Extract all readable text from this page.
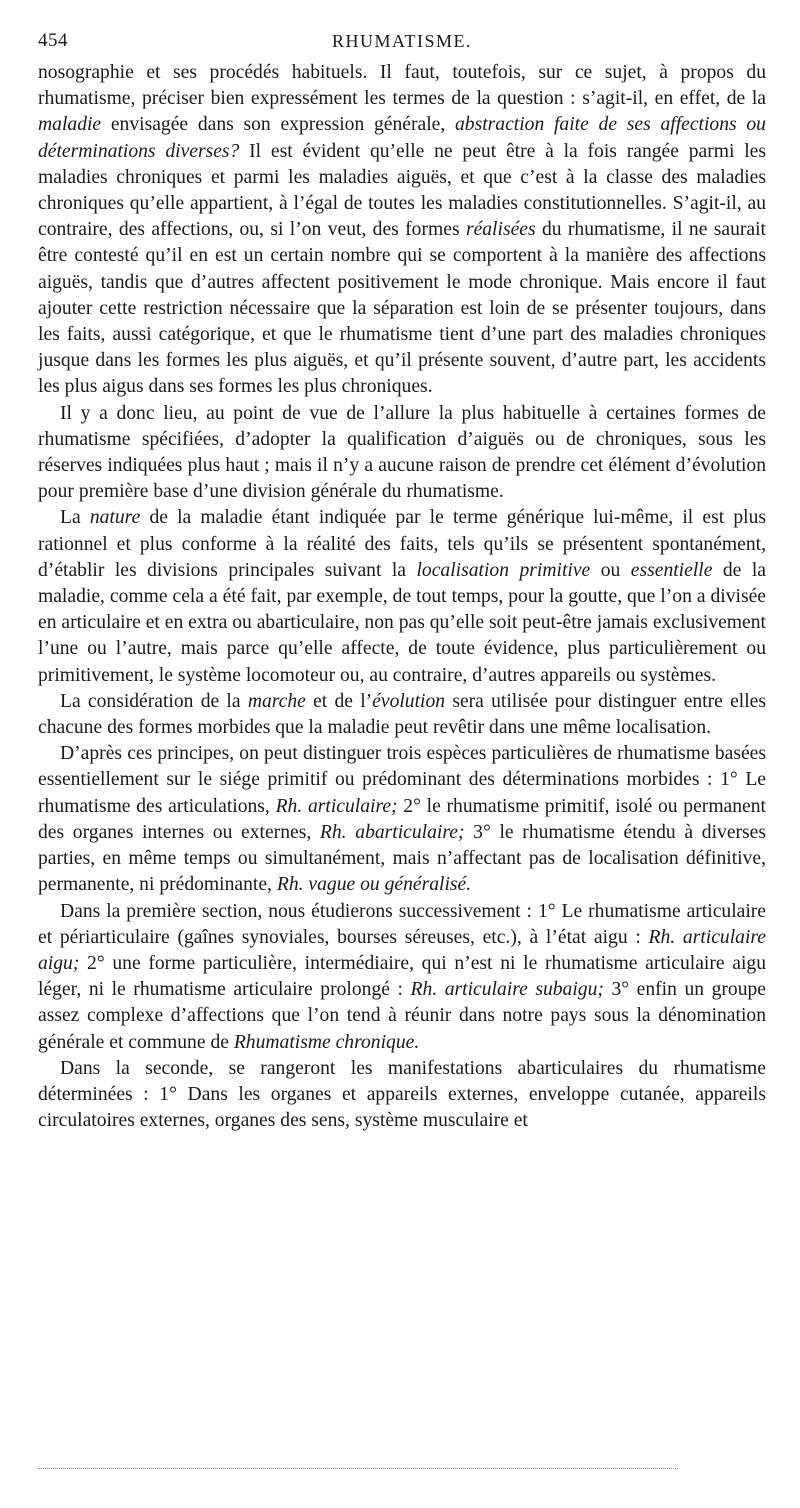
454	RHUMATISME.

nosographie et ses procédés habituels. Il faut, toutefois, sur ce sujet, à propos du rhumatisme, préciser bien expressément les termes de la question : s’agit-il, en effet, de la maladie envisagée dans son expression générale, abstraction faite de ses affections ou déterminations diverses? Il est évident qu’elle ne peut être à la fois rangée parmi les maladies chroniques et parmi les maladies aiguës, et que c’est à la classe des maladies chroniques qu’elle appartient, à l’égal de toutes les maladies constitutionnelles. S’agit-il, au contraire, des affections, ou, si l’on veut, des formes réalisées du rhumatisme, il ne saurait être contesté qu’il en est un certain nombre qui se comportent à la manière des affections aiguës, tandis que d’autres affectent positivement le mode chronique. Mais encore il faut ajouter cette restriction nécessaire que la séparation est loin de se présenter toujours, dans les faits, aussi catégorique, et que le rhumatisme tient d’une part des maladies chroniques jusque dans les formes les plus aiguës, et qu’il présente souvent, d’autre part, les accidents les plus aigus dans ses formes les plus chroniques.

Il y a donc lieu, au point de vue de l’allure la plus habituelle à certaines formes de rhumatisme spécifiées, d’adopter la qualification d’aiguës ou de chroniques, sous les réserves indiquées plus haut ; mais il n’y a aucune raison de prendre cet élément d’évolution pour première base d’une division générale du rhumatisme.

La nature de la maladie étant indiquée par le terme générique lui-même, il est plus rationnel et plus conforme à la réalité des faits, tels qu’ils se présentent spontanément, d’établir les divisions principales suivant la localisation primitive ou essentielle de la maladie, comme cela a été fait, par exemple, de tout temps, pour la goutte, que l’on a divisée en articulaire et en extra ou abarticulaire, non pas qu’elle soit peut-être jamais exclusivement l’une ou l’autre, mais parce qu’elle affecte, de toute évidence, plus particulièrement ou primitivement, le système locomoteur ou, au contraire, d’autres appareils ou systèmes.

La considération de la marche et de l’évolution sera utilisée pour distinguer entre elles chacune des formes morbides que la maladie peut revêtir dans une même localisation.

D’après ces principes, on peut distinguer trois espèces particulières de rhumatisme basées essentiellement sur le siége primitif ou prédominant des déterminations morbides : 1° Le rhumatisme des articulations, Rh. articulaire; 2° le rhumatisme primitif, isolé ou permanent des organes internes ou externes, Rh. abarticulaire; 3° le rhumatisme étendu à diverses parties, en même temps ou simultanément, mais n’affectant pas de localisation définitive, permanente, ni prédominante, Rh. vague ou généralisé.

Dans la première section, nous étudierons successivement : 1° Le rhumatisme articulaire et périarticulaire (gaînes synoviales, bourses séreuses, etc.), à l’état aigu : Rh. articulaire aigu; 2° une forme particulière, intermédiaire, qui n’est ni le rhumatisme articulaire aigu léger, ni le rhumatisme articulaire prolongé : Rh. articulaire subaigu; 3° enfin un groupe assez complexe d’affections que l’on tend à réunir dans notre pays sous la dénomination générale et commune de Rhumatisme chronique.

Dans la seconde, se rangeront les manifestations abarticulaires du rhumatisme déterminées : 1° Dans les organes et appareils externes, enveloppe cutanée, appareils circulatoires externes, organes des sens, système musculaire et
